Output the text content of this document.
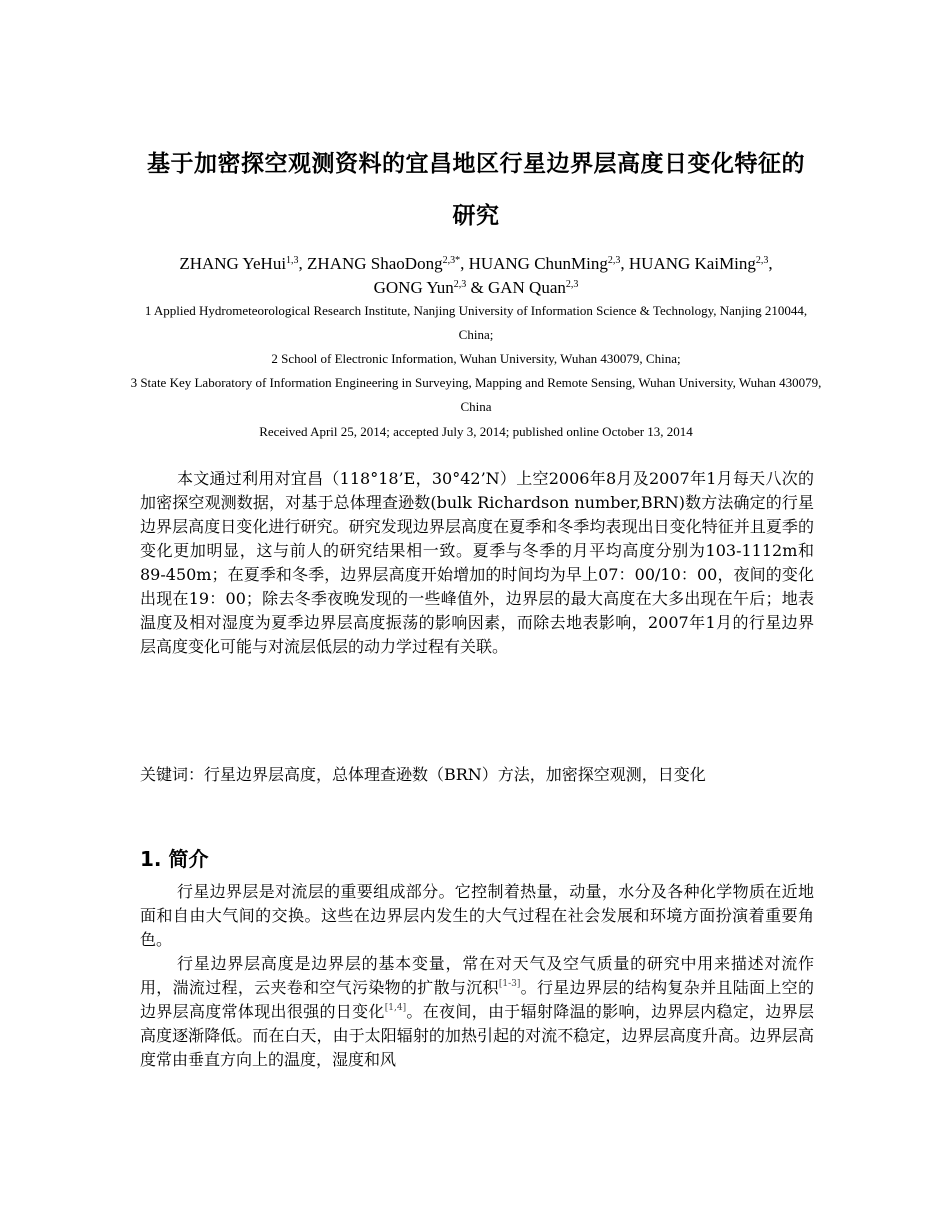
基于加密探空观测资料的宜昌地区行星边界层高度日变化特征的研究
ZHANG YeHui$^{1,3}$, ZHANG ShaoDong$^{2,3*}$, HUANG ChunMing$^{2,3}$, HUANG KaiMing$^{2,3}$,
GONG Yun$^{2,3}$ & GAN Quan$^{2,3}$
1 Applied Hydrometeorological Research Institute, Nanjing University of Information Science & Technology, Nanjing 210044, China;
2 School of Electronic Information, Wuhan University, Wuhan 430079, China;
3 State Key Laboratory of Information Engineering in Surveying, Mapping and Remote Sensing, Wuhan University, Wuhan 430079, China
Received April 25, 2014; accepted July 3, 2014; published online October 13, 2014
本文通过利用对宜昌（118°18’E，30°42’N）上空2006年8月及2007年1月每天八次的加密探空观测数据，对基于总体理查逊数(bulk Richardson number,BRN)数方法确定的行星边界层高度日变化进行研究。研究发现边界层高度在夏季和冬季均表现出日变化特征并且夏季的变化更加明显，这与前人的研究结果相一致。夏季与冬季的月平均高度分别为103-1112m和89-450m；在夏季和冬季，边界层高度开始增加的时间均为早上07：00/10：00，夜间的变化出现在19：00；除去冬季夜晚发现的一些峰值外，边界层的最大高度在大多出现在午后；地表温度及相对湿度为夏季边界层高度振荡的影响因素，而除去地表影响，2007年1月的行星边界层高度变化可能与对流层低层的动力学过程有关联。
关键词：行星边界层高度，总体理查逊数（BRN）方法，加密探空观测，日变化
1. 简介
行星边界层是对流层的重要组成部分。它控制着热量，动量，水分及各种化学物质在近地面和自由大气间的交换。这些在边界层内发生的大气过程在社会发展和环境方面扮演着重要角色。
行星边界层高度是边界层的基本变量，常在对天气及空气质量的研究中用来描述对流作用，湍流过程，云夹卷和空气污染物的扩散与沉积[1-3]。行星边界层的结构复杂并且陆面上空的边界层高度常体现出很强的日变化[1,4]。在夜间，由于辐射降温的影响，边界层内稳定，边界层高度逐渐降低。而在白天，由于太阳辐射的加热引起的对流不稳定，边界层高度升高。边界层高度常由垂直方向上的温度，湿度和风
